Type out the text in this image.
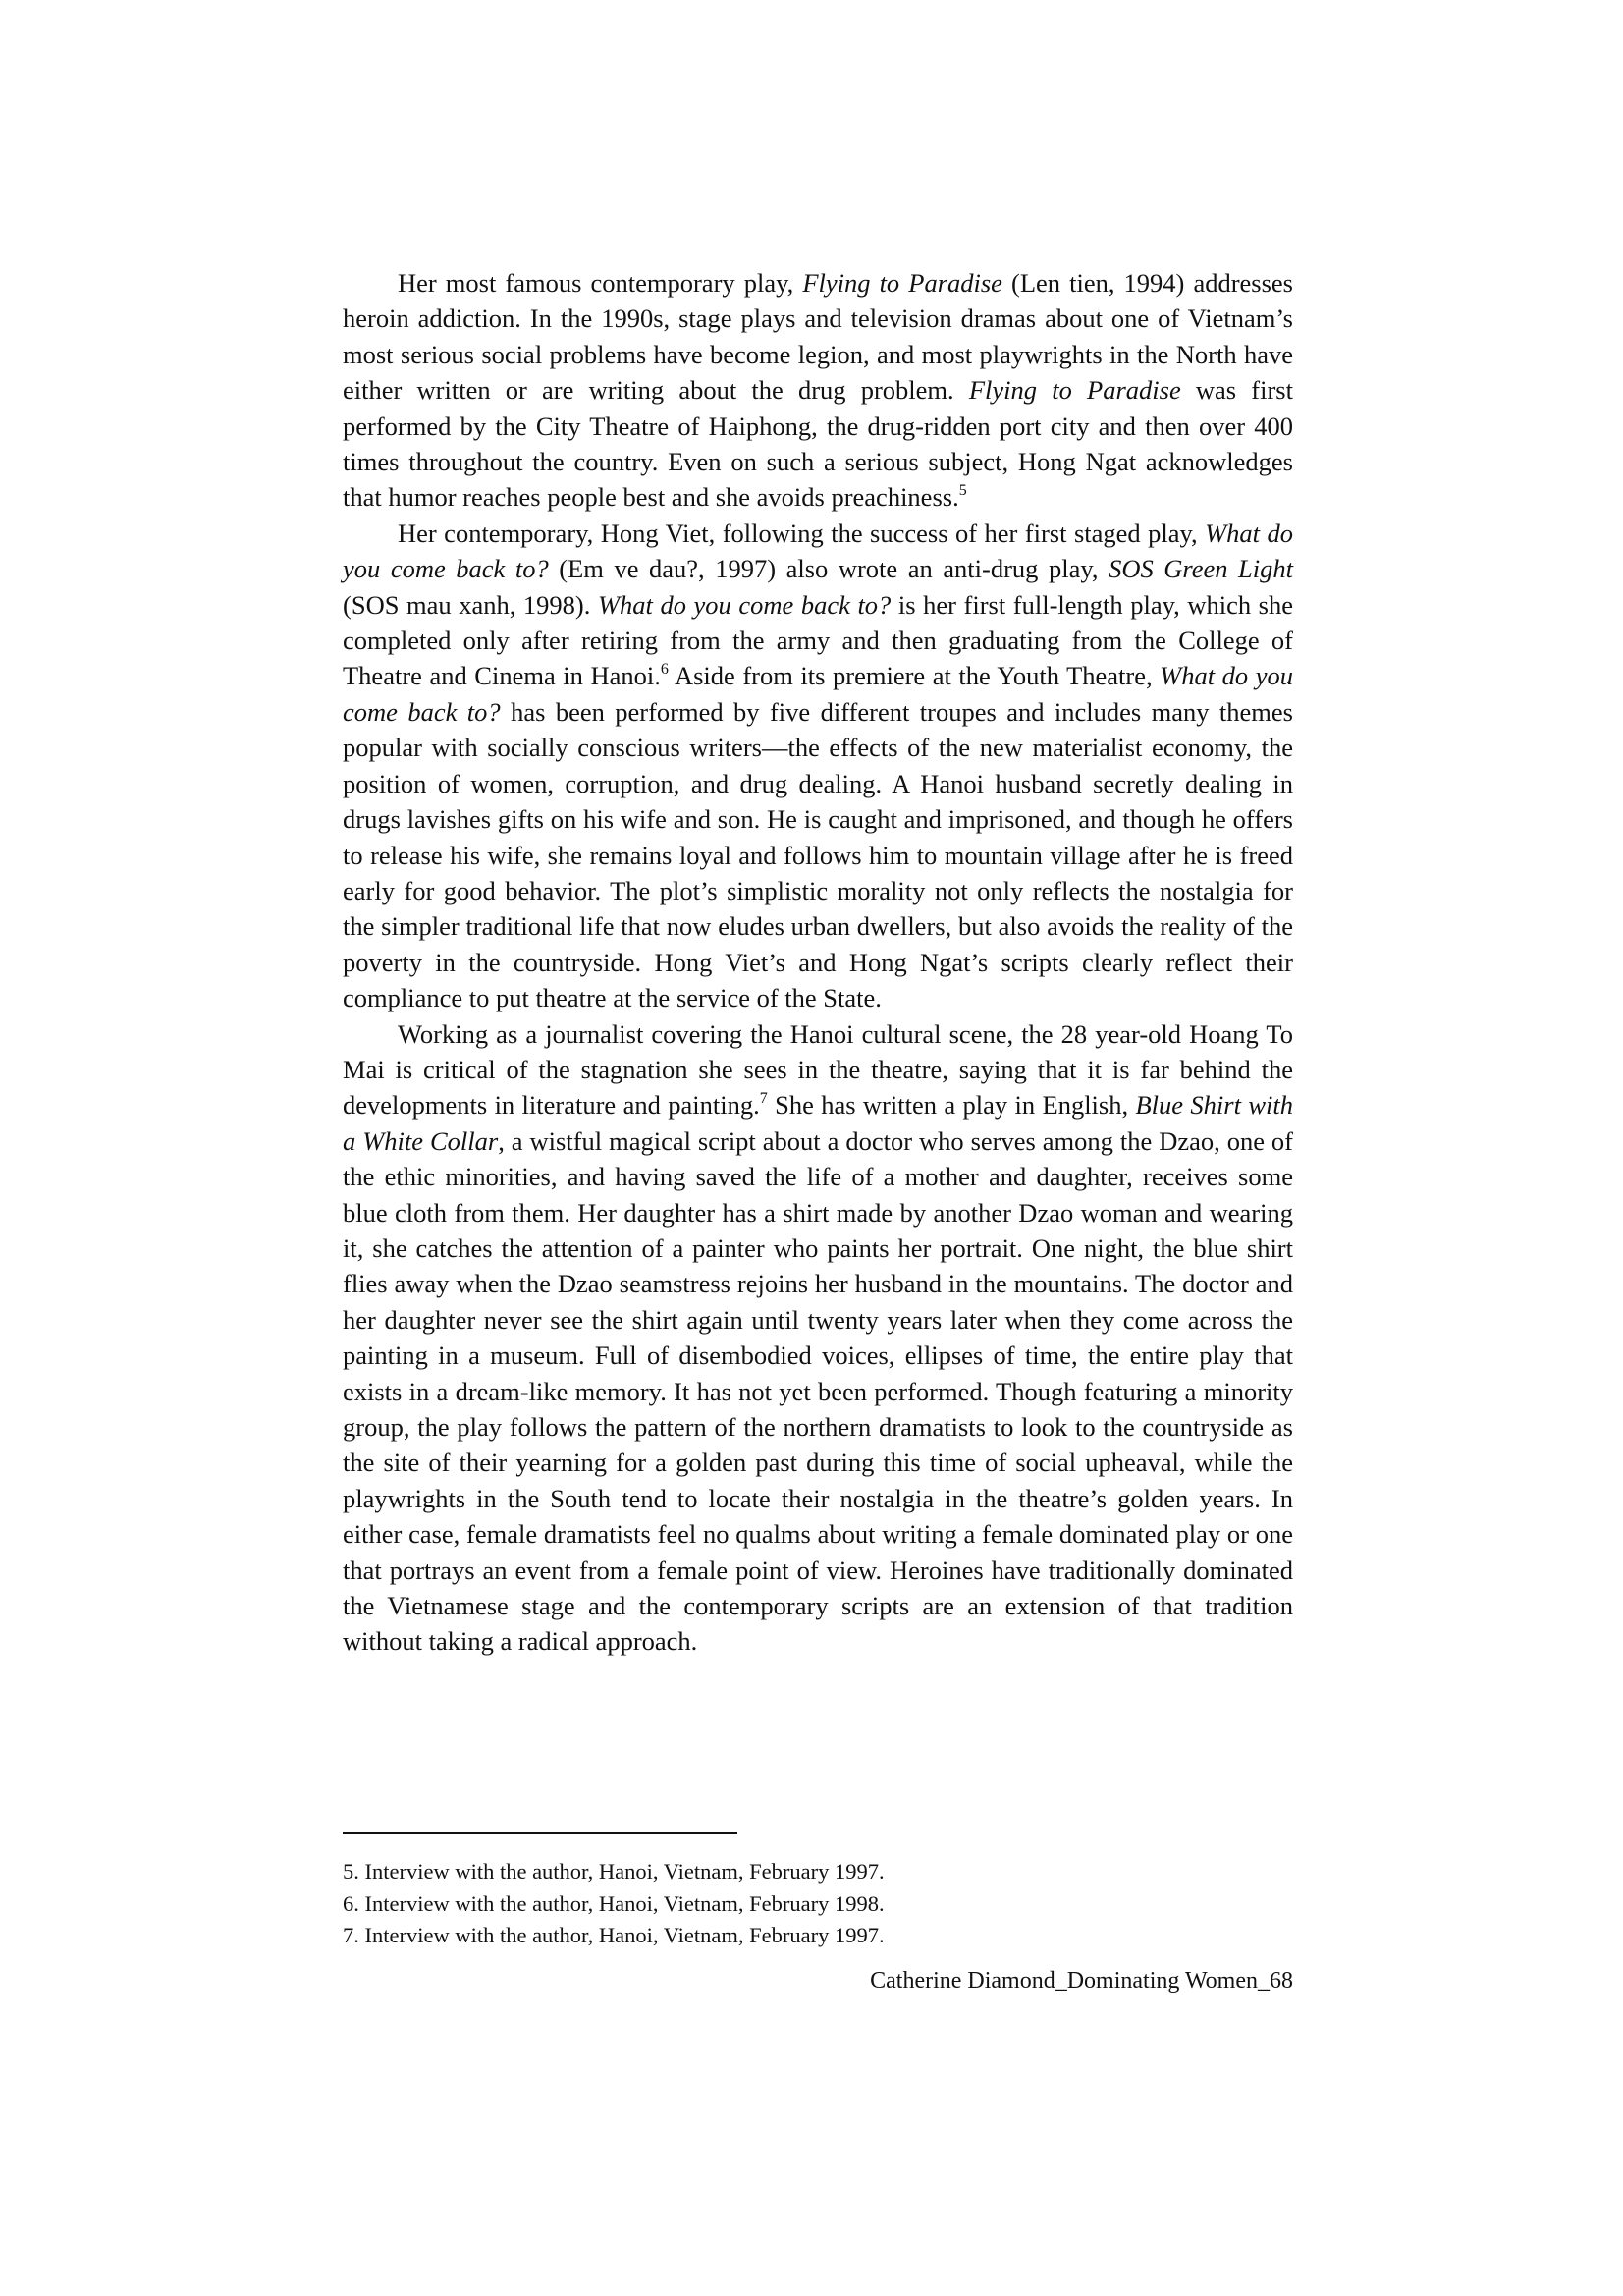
Her most famous contemporary play, Flying to Paradise (Len tien, 1994) addresses heroin addiction. In the 1990s, stage plays and television dramas about one of Vietnam’s most serious social problems have become legion, and most playwrights in the North have either written or are writing about the drug problem. Flying to Paradise was first performed by the City Theatre of Haiphong, the drug-ridden port city and then over 400 times throughout the country. Even on such a serious subject, Hong Ngat acknowledges that humor reaches people best and she avoids preachiness.$^5$

Her contemporary, Hong Viet, following the success of her first staged play, What do you come back to? (Em ve dau?, 1997) also wrote an anti-drug play, SOS Green Light (SOS mau xanh, 1998). What do you come back to? is her first full-length play, which she completed only after retiring from the army and then graduating from the College of Theatre and Cinema in Hanoi.$^6$ Aside from its premiere at the Youth Theatre, What do you come back to? has been performed by five different troupes and includes many themes popular with socially conscious writers—the effects of the new materialist economy, the position of women, corruption, and drug dealing. A Hanoi husband secretly dealing in drugs lavishes gifts on his wife and son. He is caught and imprisoned, and though he offers to release his wife, she remains loyal and follows him to mountain village after he is freed early for good behavior. The plot’s simplistic morality not only reflects the nostalgia for the simpler traditional life that now eludes urban dwellers, but also avoids the reality of the poverty in the countryside. Hong Viet’s and Hong Ngat’s scripts clearly reflect their compliance to put theatre at the service of the State.

Working as a journalist covering the Hanoi cultural scene, the 28 year-old Hoang To Mai is critical of the stagnation she sees in the theatre, saying that it is far behind the developments in literature and painting.$^7$ She has written a play in English, Blue Shirt with a White Collar, a wistful magical script about a doctor who serves among the Dzao, one of the ethic minorities, and having saved the life of a mother and daughter, receives some blue cloth from them. Her daughter has a shirt made by another Dzao woman and wearing it, she catches the attention of a painter who paints her portrait. One night, the blue shirt flies away when the Dzao seamstress rejoins her husband in the mountains. The doctor and her daughter never see the shirt again until twenty years later when they come across the painting in a museum. Full of disembodied voices, ellipses of time, the entire play that exists in a dream-like memory. It has not yet been performed. Though featuring a minority group, the play follows the pattern of the northern dramatists to look to the countryside as the site of their yearning for a golden past during this time of social upheaval, while the playwrights in the South tend to locate their nostalgia in the theatre’s golden years. In either case, female dramatists feel no qualms about writing a female dominated play or one that portrays an event from a female point of view. Heroines have traditionally dominated the Vietnamese stage and the contemporary scripts are an extension of that tradition without taking a radical approach.

5. Interview with the author, Hanoi, Vietnam, February 1997.
6. Interview with the author, Hanoi, Vietnam, February 1998.
7. Interview with the author, Hanoi, Vietnam, February 1997.
Catherine Diamond_Dominating Women_68
